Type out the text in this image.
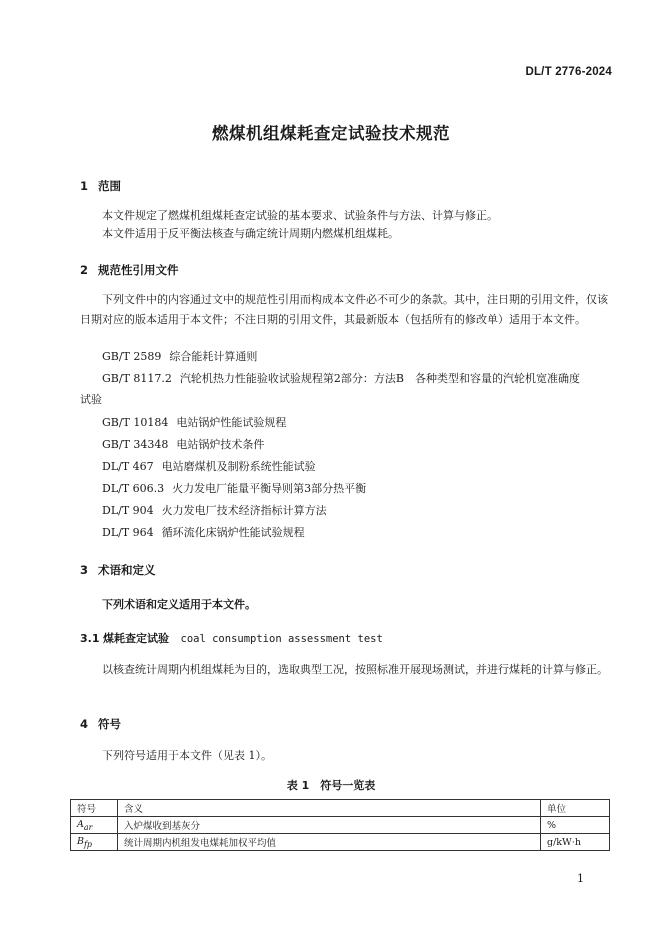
DL/T 2776-2024
燃煤机组煤耗查定试验技术规范
1 范围
本文件规定了燃煤机组煤耗查定试验的基本要求、试验条件与方法、计算与修正。
本文件适用于反平衡法核查与确定统计周期内燃煤机组煤耗。
2 规范性引用文件
下列文件中的内容通过文中的规范性引用而构成本文件必不可少的条款。其中，注日期的引用文件，仅该日期对应的版本适用于本文件；不注日期的引用文件，其最新版本（包括所有的修改单）适用于本文件。
GB/T 2589 综合能耗计算通则
GB/T 8117.2 汽轮机热力性能验收试验规程第2部分：方法B　各种类型和容量的汽轮机宽准确度
试验
GB/T 10184 电站锅炉性能试验规程
GB/T 34348 电站锅炉技术条件
DL/T 467 电站磨煤机及制粉系统性能试验
DL/T 606.3 火力发电厂能量平衡导则第3部分热平衡
DL/T 904 火力发电厂技术经济指标计算方法
DL/T 964 循环流化床锅炉性能试验规程
3 术语和定义
下列术语和定义适用于本文件。
3.1 煤耗查定试验 coal consumption assessment test
以核查统计周期内机组煤耗为目的，选取典型工况，按照标准开展现场测试，并进行煤耗的计算与修正。
4 符号
下列符号适用于本文件（见表 1）。
表 1　符号一览表
符号	含义	单位
$A_{ar}$	入炉煤收到基灰分	%
$B_{fp}$	统计周期内机组发电煤耗加权平均值	g/kW·h
1
